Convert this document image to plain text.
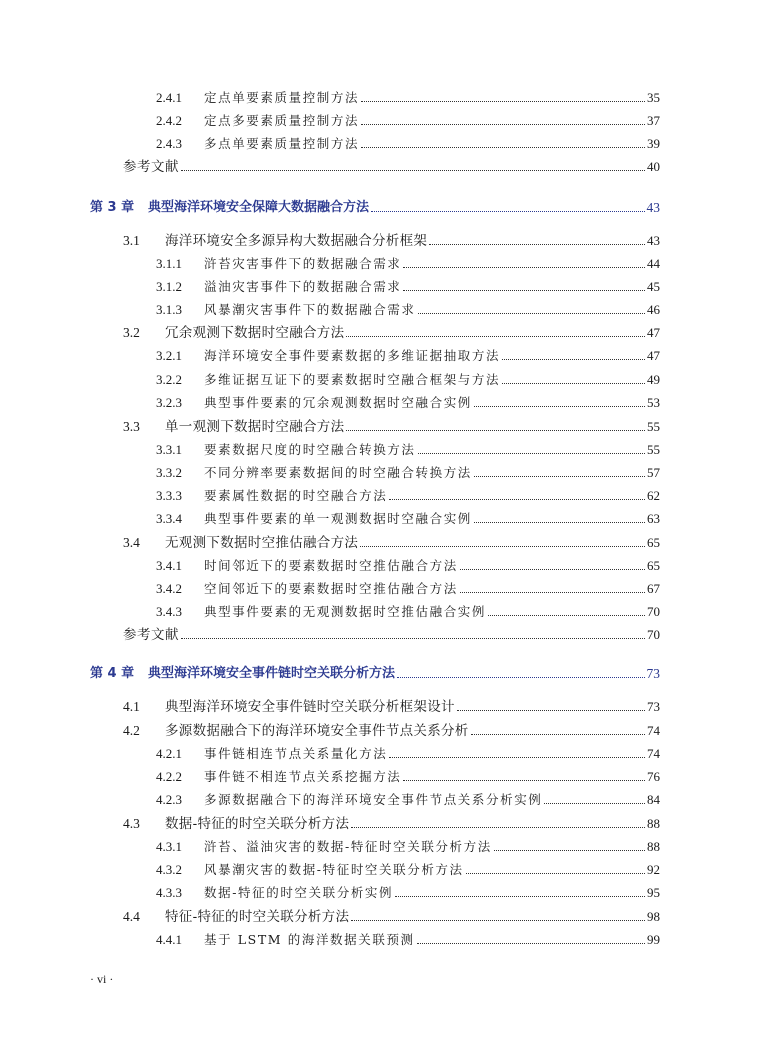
2.4.1	定点单要素质量控制方法	35
2.4.2	定点多要素质量控制方法	37
2.4.3	多点单要素质量控制方法	39
参考文献	40
第 3 章	典型海洋环境安全保障大数据融合方法	43
3.1	海洋环境安全多源异构大数据融合分析框架	43
3.1.1	浒苔灾害事件下的数据融合需求	44
3.1.2	溢油灾害事件下的数据融合需求	45
3.1.3	风暴潮灾害事件下的数据融合需求	46
3.2	冗余观测下数据时空融合方法	47
3.2.1	海洋环境安全事件要素数据的多维证据抽取方法	47
3.2.2	多维证据互证下的要素数据时空融合框架与方法	49
3.2.3	典型事件要素的冗余观测数据时空融合实例	53
3.3	单一观测下数据时空融合方法	55
3.3.1	要素数据尺度的时空融合转换方法	55
3.3.2	不同分辨率要素数据间的时空融合转换方法	57
3.3.3	要素属性数据的时空融合方法	62
3.3.4	典型事件要素的单一观测数据时空融合实例	63
3.4	无观测下数据时空推估融合方法	65
3.4.1	时间邻近下的要素数据时空推估融合方法	65
3.4.2	空间邻近下的要素数据时空推估融合方法	67
3.4.3	典型事件要素的无观测数据时空推估融合实例	70
参考文献	70
第 4 章	典型海洋环境安全事件链时空关联分析方法	73
4.1	典型海洋环境安全事件链时空关联分析框架设计	73
4.2	多源数据融合下的海洋环境安全事件节点关系分析	74
4.2.1	事件链相连节点关系量化方法	74
4.2.2	事件链不相连节点关系挖掘方法	76
4.2.3	多源数据融合下的海洋环境安全事件节点关系分析实例	84
4.3	数据-特征的时空关联分析方法	88
4.3.1	浒苔、溢油灾害的数据-特征时空关联分析方法	88
4.3.2	风暴潮灾害的数据-特征时空关联分析方法	92
4.3.3	数据-特征的时空关联分析实例	95
4.4	特征-特征的时空关联分析方法	98
4.4.1	基于 LSTM 的海洋数据关联预测	99
· vi ·
